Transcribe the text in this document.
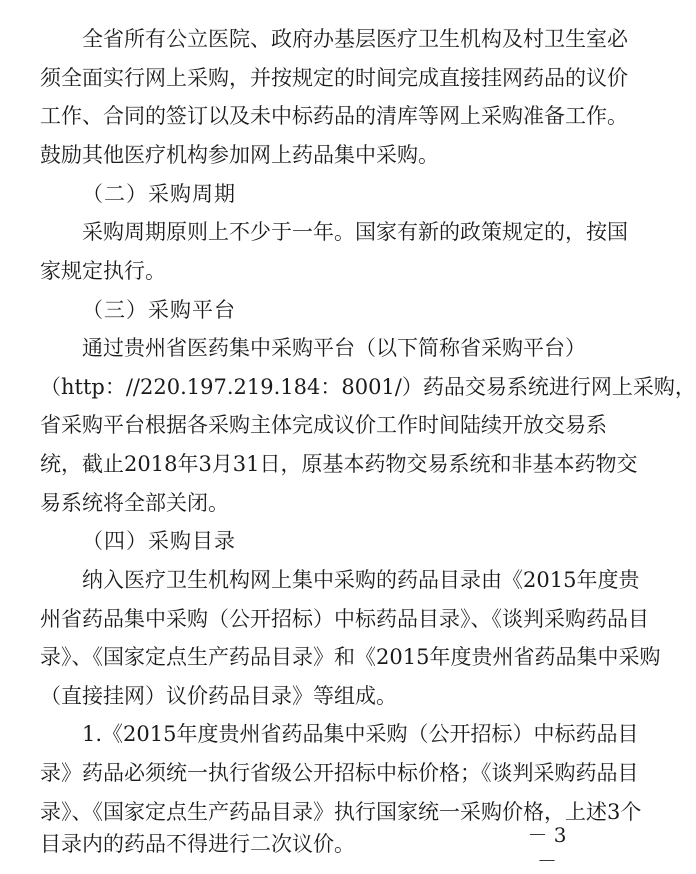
全省所有公立医院、政府办基层医疗卫生机构及村卫生室必
须全面实行网上采购，并按规定的时间完成直接挂网药品的议价
工作、合同的签订以及未中标药品的清库等网上采购准备工作。
鼓励其他医疗机构参加网上药品集中采购。
（二）采购周期
采购周期原则上不少于一年。国家有新的政策规定的，按国
家规定执行。
（三）采购平台
通过贵州省医药集中采购平台（以下简称省采购平台）
（http：//220.197.219.184：8001/）药品交易系统进行网上采购，
省采购平台根据各采购主体完成议价工作时间陆续开放交易系
统，截止2018年3月31日，原基本药物交易系统和非基本药物交
易系统将全部关闭。
（四）采购目录
纳入医疗卫生机构网上集中采购的药品目录由《2015年度贵
州省药品集中采购（公开招标）中标药品目录》、《谈判采购药品目
录》、《国家定点生产药品目录》和《2015年度贵州省药品集中采购
（直接挂网）议价药品目录》等组成。
1.《2015年度贵州省药品集中采购（公开招标）中标药品目
录》药品必须统一执行省级公开招标中标价格；《谈判采购药品目
录》、《国家定点生产药品目录》执行国家统一采购价格，上述3个
目录内的药品不得进行二次议价。	－ 3 －
